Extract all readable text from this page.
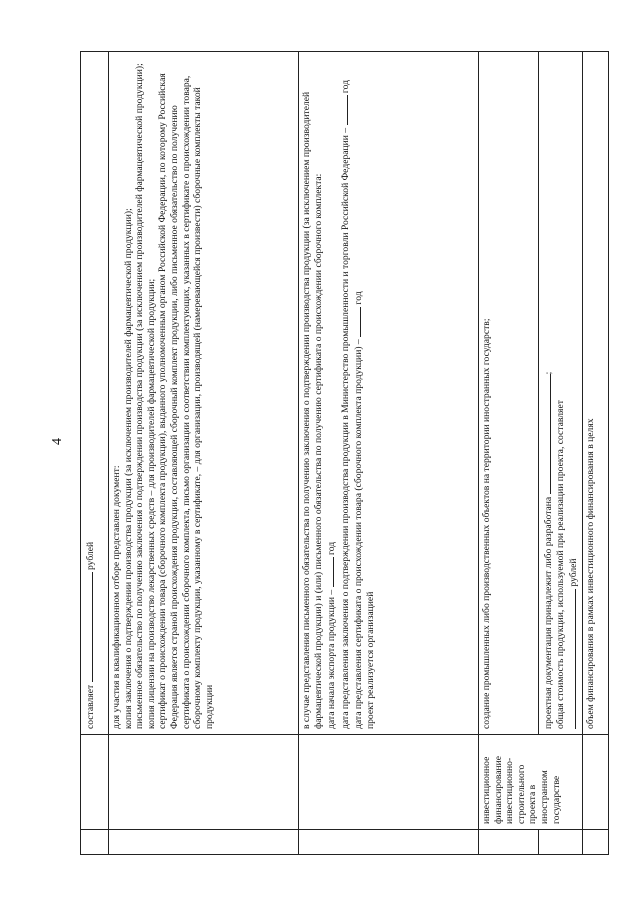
4
		составляет  рублей

		для участия в квалификационном отборе представлен документ: копия заключения о подтверждении производства продукции (за исключением производителей фармацевтической продукции); письменное обязательство по получению заключения о подтверждении производства продукции (за исключением производителей фармацевтической продукции); копия лицензии на производство лекарственных средств – для производителей фармацевтической продукции; сертификат о происхождении товара (сборочного комплекта продукции), выданного уполномоченным органом Российской Федерации, по которому Российская Федерация является страной происхождения продукции, составляющей сборочный комплект продукции, либо письменное обязательство по получению сертификата о происхождении сборочного комплекта, письмо организации о соответствии комплектующих, указанных в сертификате о происхождении товара, сборочному комплекту продукции, указанному в сертификате, – для организации, производящей (намеревающейся произвести) сборочные комплекты такой продукции

		в случае представления письменного обязательства по получению заключения о подтверждении производства продукции (за исключением производителей фармацевтической продукции) и (или) письменного обязательства по получению сертификата о происхождении сборочного комплекта: дата начала экспорта продукции –  год дата представления заключения о подтверждении производства продукции в Министерство промышленности и торговли Российской Федерации –  год
дата представления сертификата о происхождении товара (сборочного комплекта продукции) –  год
проект реализуется организацией

	инвестиционное финансирование инвестиционно-строительного проекта в иностранном государстве	создание промышленных либо производственных объектов на территории иностранных государств;

		проектная документация принадлежит либо разработана ;
общая стоимость продукции, используемой при реализации проекта, составляет рублей

		объем финансирования в рамках инвестиционного финансирования в целях
